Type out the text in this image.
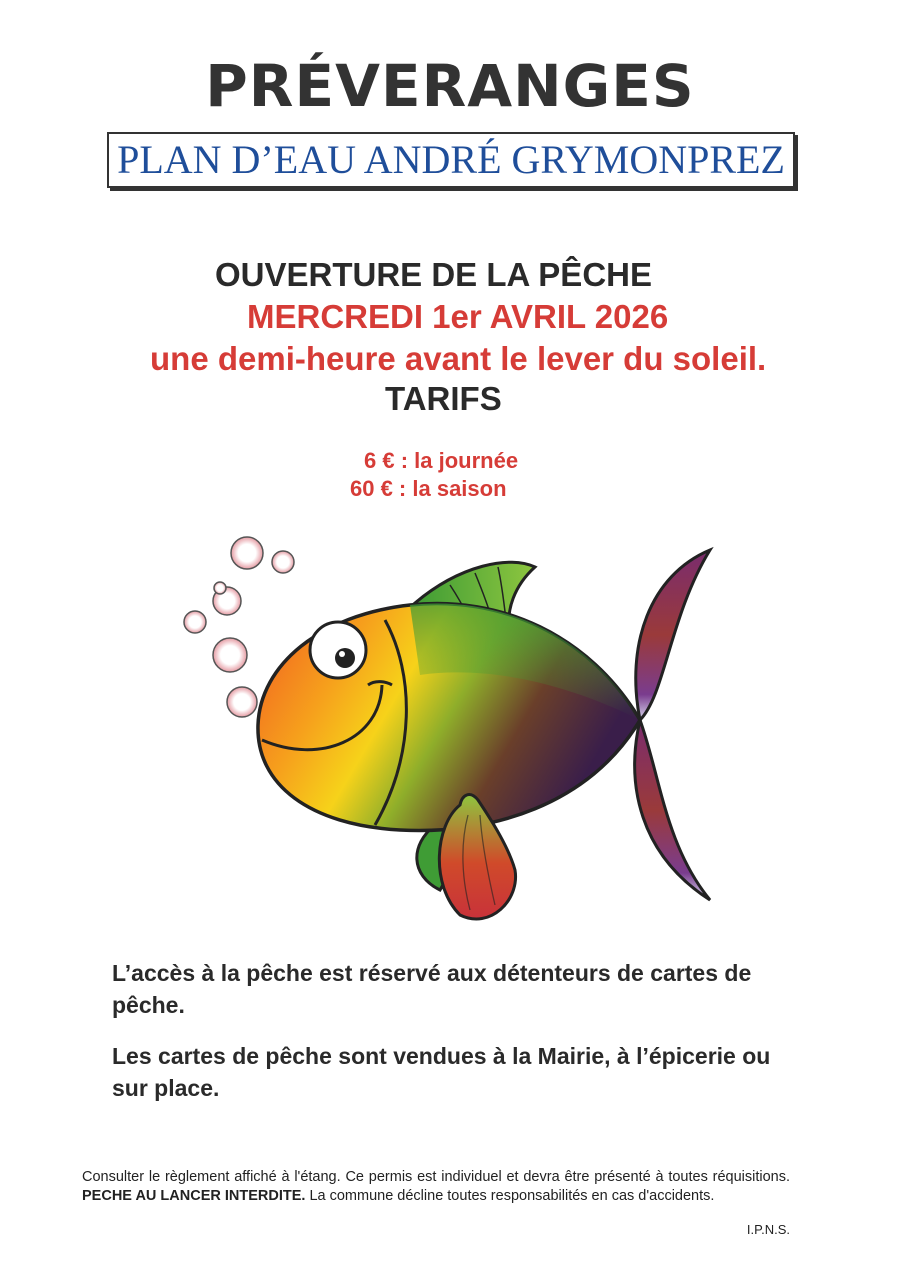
PRÉVERANGES
PLAN D’EAU ANDRÉ GRYMONPREZ
OUVERTURE DE LA PÊCHE
MERCREDI 1er AVRIL 2026
une demi-heure avant le lever du soleil.
TARIFS
6 € : la journée
60 € : la saison
L’accès à la pêche est réservé aux détenteurs de cartes de pêche.
Les cartes de pêche sont vendues à la Mairie, à l’épicerie ou sur place.
Consulter le règlement affiché à l'étang. Ce permis est individuel et devra être présenté à toutes réquisitions. PECHE AU LANCER INTERDITE. La commune décline toutes responsabilités en cas d'accidents.
I.P.N.S.
